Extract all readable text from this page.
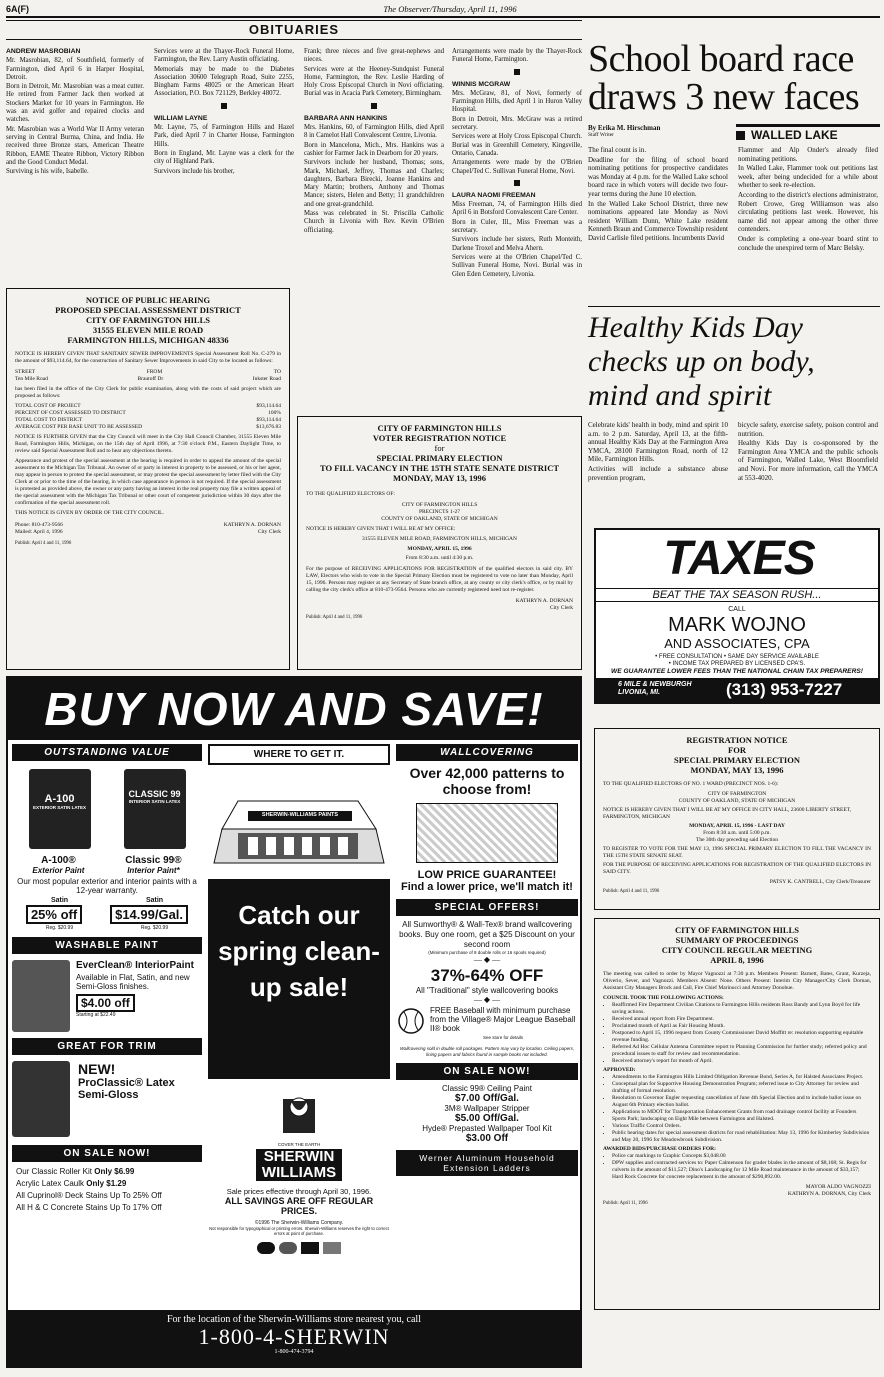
6A(F)	The Observer/Thursday, April 11, 1996
OBITUARIES

ANDREW MASROBIAN

Mr. Masrobian, 82, of Southfield, formerly of Farmington, died April 6 in Harper Hospital, Detroit.

Born in Detroit, Mr. Masrobian was a meat cutter. He retired from Farmer Jack then worked at Stockers Market for 10 years in Farmington. He was an avid golfer and repaired clocks and watches.

Mr. Masrobian was a World War II Army veteran serving in Central Burma, China, and India. He received three Bronze stars, American Theatre Ribbon, EAME Theatre Ribbon, Victory Ribbon and the Good Conduct Medal.

Surviving is his wife, Isabelle.

Services were at the Thayer-Rock Funeral Home, Farmington, the Rev. Larry Austin officiating.

Memorials may be made to the Diabetes Association 30600 Telegraph Road, Suite 2255, Bingham Farms 48025 or the American Heart Association, P.O. Box 721129, Berkley 48072.

WILLIAM LAYNE

Mr. Layne, 75, of Farmington Hills and Hazel Park, died April 7 in Charter House, Farmington Hills.

Born in England, Mr. Layne was a clerk for the city of Highland Park.

Survivors include his brother,

Frank; three nieces and five great-nephews and nieces.

Services were at the Heeney-Sundquist Funeral Home, Farmington, the Rev. Leslie Harding of Holy Cross Episcopal Church in Novi officiating. Burial was in Acacia Park Cemetery, Birmingham.

BARBARA ANN HANKINS

Mrs. Hankins, 60, of Farmington Hills, died April 8 in Camelot Hall Convalescent Centre, Livonia.

Born in Mancelona, Mich., Mrs. Hankins was a cashier for Farmer Jack in Dearborn for 20 years.

Survivors include her husband, Thomas; sons, Mark, Michael, Jeffrey, Thomas and Charles; daughters, Barbara Birecki, Joanne Hankins and Mary Martin; brothers, Anthony and Thomas Mance; sisters, Helen and Betty; 11 grandchildren and one great-grandchild.

Mass was celebrated in St. Priscilla Catholic Church in Livonia with Rev. Kevin O'Brien officiating.

Arrangements were made by the Thayer-Rock Funeral Home, Farmington.

WINNIS MCGRAW

Mrs. McGraw, 81, of Novi, formerly of Farmington Hills, died April 1 in Huron Valley Hospital.

Born in Detroit, Mrs. McGraw was a retired secretary.

Services were at Holy Cross Episcopal Church. Burial was in Greenhill Cemetery, Kingsville, Ontario, Canada.

Arrangements were made by the O'Brien Chapel/Ted C. Sullivan Funeral Home, Novi.

LAURA NAOMI FREEMAN

Miss Freeman, 74, of Farmington Hills died April 6 in Botsford Convalescent Care Center.

Born in Culer, Ill., Miss Freeman was a secretary.

Survivors include her sisters, Ruth Monteith, Darlene Troxel and Melva Ahern.

Services were at the O'Brien Chapel/Ted C. Sullivan Funeral Home, Novi. Burial was in Glen Eden Cemetery, Livonia.

NOTICE OF PUBLIC HEARING
PROPOSED SPECIAL ASSESSMENT DISTRICT
CITY OF FARMINGTON HILLS
31555 ELEVEN MILE ROAD
FARMINGTON HILLS, MICHIGAN 48336
NOTICE IS HEREBY GIVEN THAT SANITARY SEWER IMPROVEMENTS Special Assessment Roll No. C-279 in the amount of $93,114.64, for the construction of Sanitary Sewer Improvements in said City to be located as follows:
STREET	FROM	TO
Ten Mile Road	Brautoff Dr	Inkster Road
has been filed in the office of the City Clerk for public examination, along with the costs of said project which are proposed as follows:
TOTAL COST OF PROJECT	$93,114.64
PERCENT OF COST ASSESSED TO DISTRICT	100%
TOTAL COST TO DISTRICT	$93,114.64
AVERAGE COST PER BASE UNIT TO BE ASSESSED	$13,676.83
NOTICE IS FURTHER GIVEN that the City Council will meet in the City Hall Council Chamber, 31555 Eleven Mile Road, Farmington Hills, Michigan, on the 15th day of April 1996, at 7:30 o'clock P.M., Eastern Daylight Time, to review said Special Assessment Roll and to hear any objections thereto.
Appearance and protest of the special assessment at the hearing is required in order to appeal the amount of the special assessment to the Michigan Tax Tribunal. An owner of or party in interest in property to be assessed, or his or her agent, may appear in person to protest the special assessment, or may protest the special assessment by letter filed with the City Clerk at or prior to the time of the hearing, in which case appearance in person is not required. If the special assessment is protested as provided above, the owner or any party having an interest in the real property may file a written appeal of the special assessment with the Michigan Tax Tribunal or other court of competent jurisdiction within 30 days after the confirmation of the special assessment roll.
THIS NOTICE IS GIVEN BY ORDER OF THE CITY COUNCIL.
Phone: 810-473-9566
Mailed: April 4, 1996
KATHRYN A. DORNAN
City Clerk
Publish: April 4 and 11, 1996
CITY OF FARMINGTON HILLS
VOTER REGISTRATION NOTICE
for
SPECIAL PRIMARY ELECTION
TO FILL VACANCY IN THE 15TH STATE SENATE DISTRICT
MONDAY, MAY 13, 1996
TO THE QUALIFIED ELECTORS OF:
CITY OF FARMINGTON HILLS
PRECINCTS 1-27
COUNTY OF OAKLAND, STATE OF MICHIGAN
NOTICE IS HEREBY GIVEN THAT I WILL BE AT MY OFFICE:
31555 ELEVEN MILE ROAD, FARMINGTON HILLS, MICHIGAN
MONDAY, APRIL 15, 1996
From 8:30 a.m. until 4:30 p.m.
For the purpose of RECEIVING APPLICATIONS FOR REGISTRATION of the qualified electors in said city. BY LAW, Electors who wish to vote in the Special Primary Election must be registered to vote no later than Monday, April 15, 1996. Persons may register at any Secretary of State branch office, at any county or city clerk's office, or by mail by calling the city clerk's office at 810-473-9564. Persons who are currently registered need not re-register.
KATHRYN A. DORNAN
City Clerk
Publish: April 4 and 11, 1996
School board race draws 3 new faces
By Erika M. Hirschman
Staff Writer	WALLED LAKE

The final count is in.

Deadline for the filing of school board nominating petitions for prospective candidates was Monday at 4 p.m. for the Walled Lake school board race in which voters will decide two four-year terms during the June 10 election.

In the Walled Lake School District, three new nominations appeared late Monday as Novi resident William Dunn, White Lake resident Kenneth Braun and Commerce Township resident David Carlisle filed petitions. Incumbents David

Flammer and Alp Onder's already filed nominating petitions.

In Walled Lake, Flammer took out petitions last week, after being undecided for a while about whether to seek re-election.

According to the district's elections administrator, Robert Crowe, Greg Williamson was also circulating petitions last week. However, his name did not appear among the other three contenders.

Onder is completing a one-year board stint to conclude the unexpired term of Marc Belsky.

Healthy Kids Day checks up on body, mind and spirit

Celebrate kids' health in body, mind and spirit 10 a.m. to 2 p.m. Saturday, April 13, at the fifth-annual Healthy Kids Day at the Farmington Area YMCA, 28100 Farmington Road, north of 12 Mile, Farmington Hills.

Activities will include a substance abuse prevention program,

bicycle safety, exercise safety, poison control and nutrition.

Healthy Kids Day is co-sponsored by the Farmington Area YMCA and the public schools of Farmington, Walled Lake, West Bloomfield and Novi. For more information, call the YMCA at 553-4020.

TAXES
BEAT THE TAX SEASON RUSH...
CALL
MARK WOJNO
AND ASSOCIATES, CPA
• FREE CONSULTATION • SAME DAY SERVICE AVAILABLE
• INCOME TAX PREPARED BY LICENSED CPA'S.
WE GUARANTEE LOWER FEES THAN THE NATIONAL CHAIN TAX PREPARERS!
6 MILE & NEWBURGH
LIVONIA, MI.	(313) 953-7227
REGISTRATION NOTICE
FOR
SPECIAL PRIMARY ELECTION
MONDAY, MAY 13, 1996
TO THE QUALIFIED ELECTORS OF NO. 1 WARD (PRECINCT NOS. 1-6):
CITY OF FARMINGTON
COUNTY OF OAKLAND, STATE OF MICHIGAN
NOTICE IS HEREBY GIVEN THAT I WILL BE AT MY OFFICE IN CITY HALL, 23600 LIBERTY STREET, FARMINGTON, MICHIGAN
MONDAY, APRIL 15, 1996 - LAST DAY
From 8:30 a.m. until 5:00 p.m.
The 30th day preceding said Election
TO REGISTER TO VOTE FOR THE MAY 13, 1996 SPECIAL PRIMARY ELECTION TO FILL THE VACANCY IN THE 15TH STATE SENATE SEAT.
FOR THE PURPOSE OF RECEIVING APPLICATIONS FOR REGISTRATION OF THE QUALIFIED ELECTORS IN SAID CITY.
PATSY K. CANTRELL, City Clerk/Treasurer
Publish: April 4 and 11, 1996
CITY OF FARMINGTON HILLS
SUMMARY OF PROCEEDINGS
CITY COUNCIL REGULAR MEETING
APRIL 8, 1996
The meeting was called to order by Mayor Vagnozzi at 7:30 p.m. Members Present: Barnett, Bates, Grant, Kurzeja, Oliverio, Sever, and Vagnozzi. Members Absent: None. Others Present: Interim City Manager/City Clerk Dornan, Assistant City Managers Brock and Call, Fire Chief Marinucci and Attorney Donohue.
COUNCIL TOOK THE FOLLOWING ACTIONS:
• Reaffirmed Fire Department Civilian Citations to Farmington Hills residents Ross Bandy and Lynn Boyd for life saving actions.
• Received annual report from Fire Department.
• Proclaimed month of April as Fair Housing Month.
• Postponed to April 15, 1996 request from County Commissioner David Moffitt re: resolution supporting equitable revenue funding.
• Referred Ad Hoc Cellular Antenna Committee report to Planning Commission for further study; referred policy and procedural issues to staff for review and recommendation.
• Received attorney's report for month of April.
APPROVED:
• Amendments to the Farmington Hills Limited Obligation Revenue Bond, Series A, for Halsted Associates Project.
• Conceptual plan for Supportive Housing Demonstration Program; referred issue to City Attorney for review and drafting of formal resolution.
• Resolution to Governor Engler requesting cancellation of June 4th Special Election and to include ballot issue on August 6th Primary election ballot.
• Applications to MDOT for Transportation Enhancement Grants from road drainage control facility at Founders Sports Park; landscaping on Eight Mile between Farmington and Halsted.
• Various Traffic Control Orders.
• Public hearing dates for special assessment districts for road rehabilitation: May 13, 1996 for Kimberley Subdivision and May 20, 1996 for Meadowbrook Subdivision.
AWARDED BIDS/PURCHASE ORDERS FOR:
• Police car markings to Graphic Concepts $3,048.00
• DPW supplies and contracted services to: Paper Calmenson for grader blades in the amount of $8,168; St. Regis for culverts in the amount of $11,527; Dino's Landscaping for 12 Mile Road maintenance in the amount of $33,157; Hard Rock Concrete for concrete replacement in the amount of $290,892.00.
MAYOR ALDO VAGNOZZI
KATHRYN A. DORNAN, City Clerk
Publish: April 11, 1996
BUY NOW AND SAVE!
OUTSTANDING VALUE
A-100
EXTERIOR SATIN LATEX
CLASSIC 99
INTERIOR SATIN LATEX
A-100®
Exterior Paint
Classic 99®
Interior Paint*
Our most popular exterior and interior paints with a 12-year warranty.
Satin	Satin
25% off	$14.99/Gal.
Reg. $20.99	Reg. $20.99
WASHABLE PAINT
EverClean® InteriorPaint
Available in Flat, Satin, and new Semi-Gloss finishes.
$4.00 off
Starting at $22.49
GREAT FOR TRIM
NEW!
ProClassic® Latex Semi-Gloss
ON SALE NOW!
Our Classic Roller Kit Only $6.99
Acrylic Latex Caulk Only $1.29
All Cuprinol® Deck Stains Up To 25% Off
All H & C Concrete Stains Up To 17% Off
WHERE TO GET IT.
SHERWIN-WILLIAMS PAINTS
Catch our spring clean-up sale!
COVER THE EARTH
SHERWIN
WILLIAMS
Sale prices effective through April 30, 1996.
ALL SAVINGS ARE OFF REGULAR PRICES.
©1996 The Sherwin-Williams Company.
Not responsible for typographical or printing errors. Sherwin-Williams reserves the right to correct errors at point of purchase.
WALLCOVERING
Over 42,000 patterns to choose from!
LOW PRICE GUARANTEE!
Find a lower price, we'll match it!
SPECIAL OFFERS!
All Sunworthy® & Wall-Tex® brand wallcovering books. Buy one room, get a $25 Discount on your second room
(Minimum purchase of 8 double rolls or 16 spools required)
— ◆ —
37%-64% OFF
All "Traditional" style wallcovering books
— ◆ —
FREE Baseball with minimum purchase from the Village® Major League Baseball II® book
See store for details
Wallcovering sold in double roll packages. Pattern may vary by location. Ceiling papers, lining papers and fabrics found in sample books not included.
ON SALE NOW!
Classic 99® Ceiling Paint
$7.00 Off/Gal.
3M® Wallpaper Stripper
$5.00 Off/Gal.
Hyde® Prepasted Wallpaper Tool Kit
$3.00 Off
Werner Aluminum Household Extension Ladders
For the location of the Sherwin-Williams store nearest you, call
1-800-4-SHERWIN
1-800-474-3794
